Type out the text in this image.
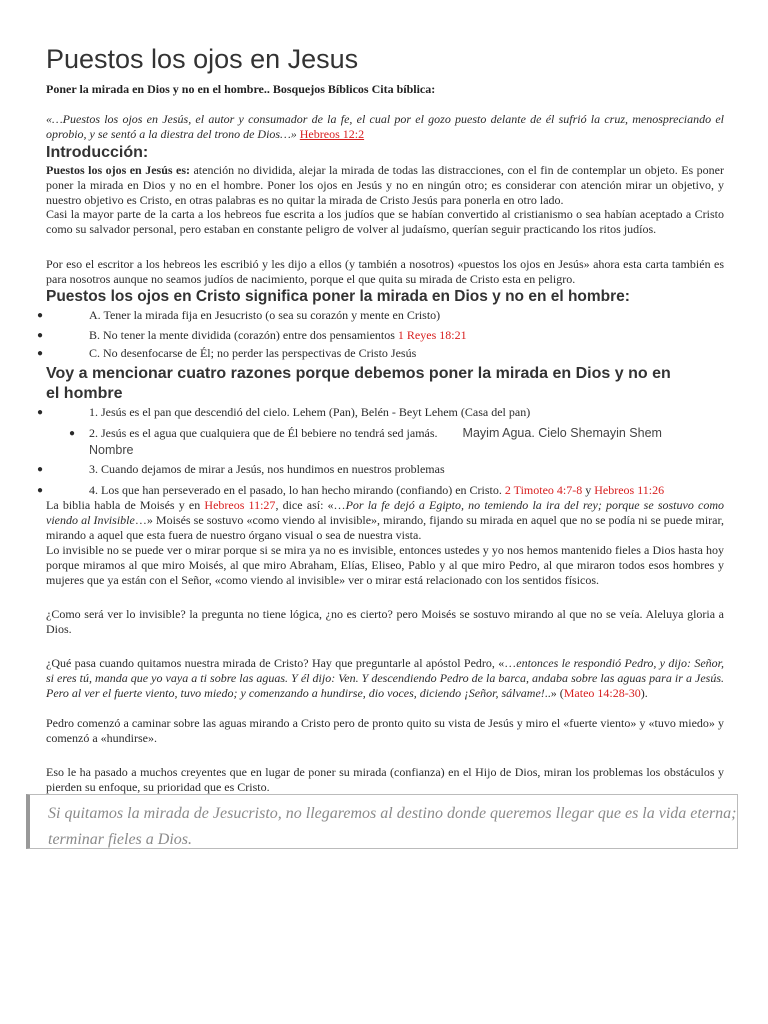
Puestos los ojos en Jesus
Poner la mirada en Dios y no en el hombre.. Bosquejos Bíblicos Cita bíblica:
«…Puestos los ojos en Jesús, el autor y consumador de la fe, el cual por el gozo puesto delante de él sufrió la cruz, menospreciando el oprobio, y se sentó a la diestra del trono de Dios…» Hebreos 12:2
Introducción:
Puestos los ojos en Jesús es: atención no dividida, alejar la mirada de todas las distracciones, con el fin de contemplar un objeto. Es poner poner la mirada en Dios y no en el hombre. Poner los ojos en Jesús y no en ningún otro; es considerar con atención mirar un objetivo, y nuestro objetivo es Cristo, en otras palabras es no quitar la mirada de Cristo Jesús para ponerla en otro lado.
Casi la mayor parte de la carta a los hebreos fue escrita a los judíos que se habían convertido al cristianismo o sea habían aceptado a Cristo como su salvador personal, pero estaban en constante peligro de volver al judaísmo, querían seguir practicando los ritos judíos.
Por eso el escritor a los hebreos les escribió y les dijo a ellos (y también a nosotros) «puestos los ojos en Jesús» ahora esta carta también es para nosotros aunque no seamos judíos de nacimiento, porque el que quita su mirada de Cristo esta en peligro.
Puestos los ojos en Cristo significa poner la mirada en Dios y no en el hombre:
●	A. Tener la mirada fija en Jesucristo (o sea su corazón y mente en Cristo)
●	B. No tener la mente dividida (corazón) entre dos pensamientos 1 Reyes 18:21
●	C. No desenfocarse de Él; no perder las perspectivas de Cristo Jesús
Voy a mencionar cuatro razones porque debemos poner la mirada en Dios y no en
el hombre
●	1. Jesús es el pan que descendió del cielo. Lehem (Pan), Belén - Beyt Lehem (Casa del pan)
● 2. Jesús es el agua que cualquiera que de Él bebiere no tendrá sed jamás. Mayim Agua. Cielo Shemayin Shem
Nombre
●	3. Cuando dejamos de mirar a Jesús, nos hundimos en nuestros problemas
●	4. Los que han perseverado en el pasado, lo han hecho mirando (confiando) en Cristo. 2 Timoteo 4:7-8 y Hebreos 11:26
La biblia habla de Moisés y en Hebreos 11:27, dice así: «…Por la fe dejó a Egipto, no temiendo la ira del rey; porque se sostuvo como viendo al Invisible…» Moisés se sostuvo «como viendo al invisible», mirando, fijando su mirada en aquel que no se podía ni se puede mirar, mirando a aquel que esta fuera de nuestro órgano visual o sea de nuestra vista.
Lo invisible no se puede ver o mirar porque si se mira ya no es invisible, entonces ustedes y yo nos hemos mantenido fieles a Dios hasta hoy porque miramos al que miro Moisés, al que miro Abraham, Elías, Eliseo, Pablo y al que miro Pedro, al que miraron todos esos hombres y mujeres que ya están con el Señor, «como viendo al invisible» ver o mirar está relacionado con los sentidos físicos.
¿Como será ver lo invisible? la pregunta no tiene lógica, ¿no es cierto? pero Moisés se sostuvo mirando al que no se veía. Aleluya gloria a Dios.
¿Qué pasa cuando quitamos nuestra mirada de Cristo? Hay que preguntarle al apóstol Pedro, «…entonces le respondió Pedro, y dijo: Señor, si eres tú, manda que yo vaya a ti sobre las aguas. Y él dijo: Ven. Y descendiendo Pedro de la barca, andaba sobre las aguas para ir a Jesús. Pero al ver el fuerte viento, tuvo miedo; y comenzando a hundirse, dio voces, diciendo ¡Señor, sálvame!..» (Mateo 14:28-30).
Pedro comenzó a caminar sobre las aguas mirando a Cristo pero de pronto quito su vista de Jesús y miro el «fuerte viento» y «tuvo miedo» y comenzó a «hundirse».
Eso le ha pasado a muchos creyentes que en lugar de poner su mirada (confianza) en el Hijo de Dios, miran los problemas los obstáculos y pierden su enfoque, su prioridad que es Cristo.
Si quitamos la mirada de Jesucristo, no llegaremos al destino donde queremos llegar que es la vida eterna; terminar fieles a Dios.
